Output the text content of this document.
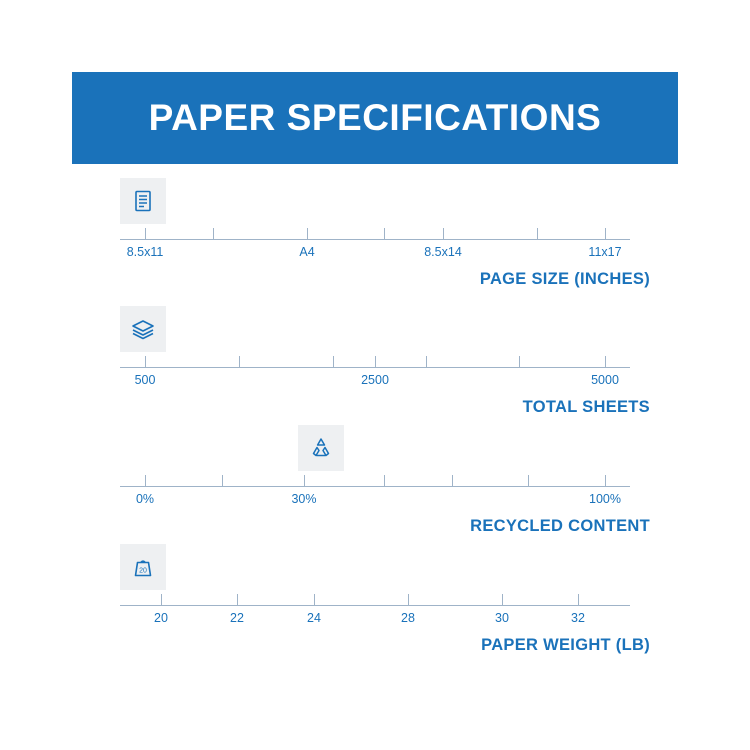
PAPER SPECIFICATIONS
8.5x11	A4	8.5x14	11x17
PAGE SIZE (INCHES)
500	2500	5000
TOTAL SHEETS
0%	30%	100%
RECYCLED CONTENT
20
20	22	24	28	30	32
PAPER WEIGHT (LB)
